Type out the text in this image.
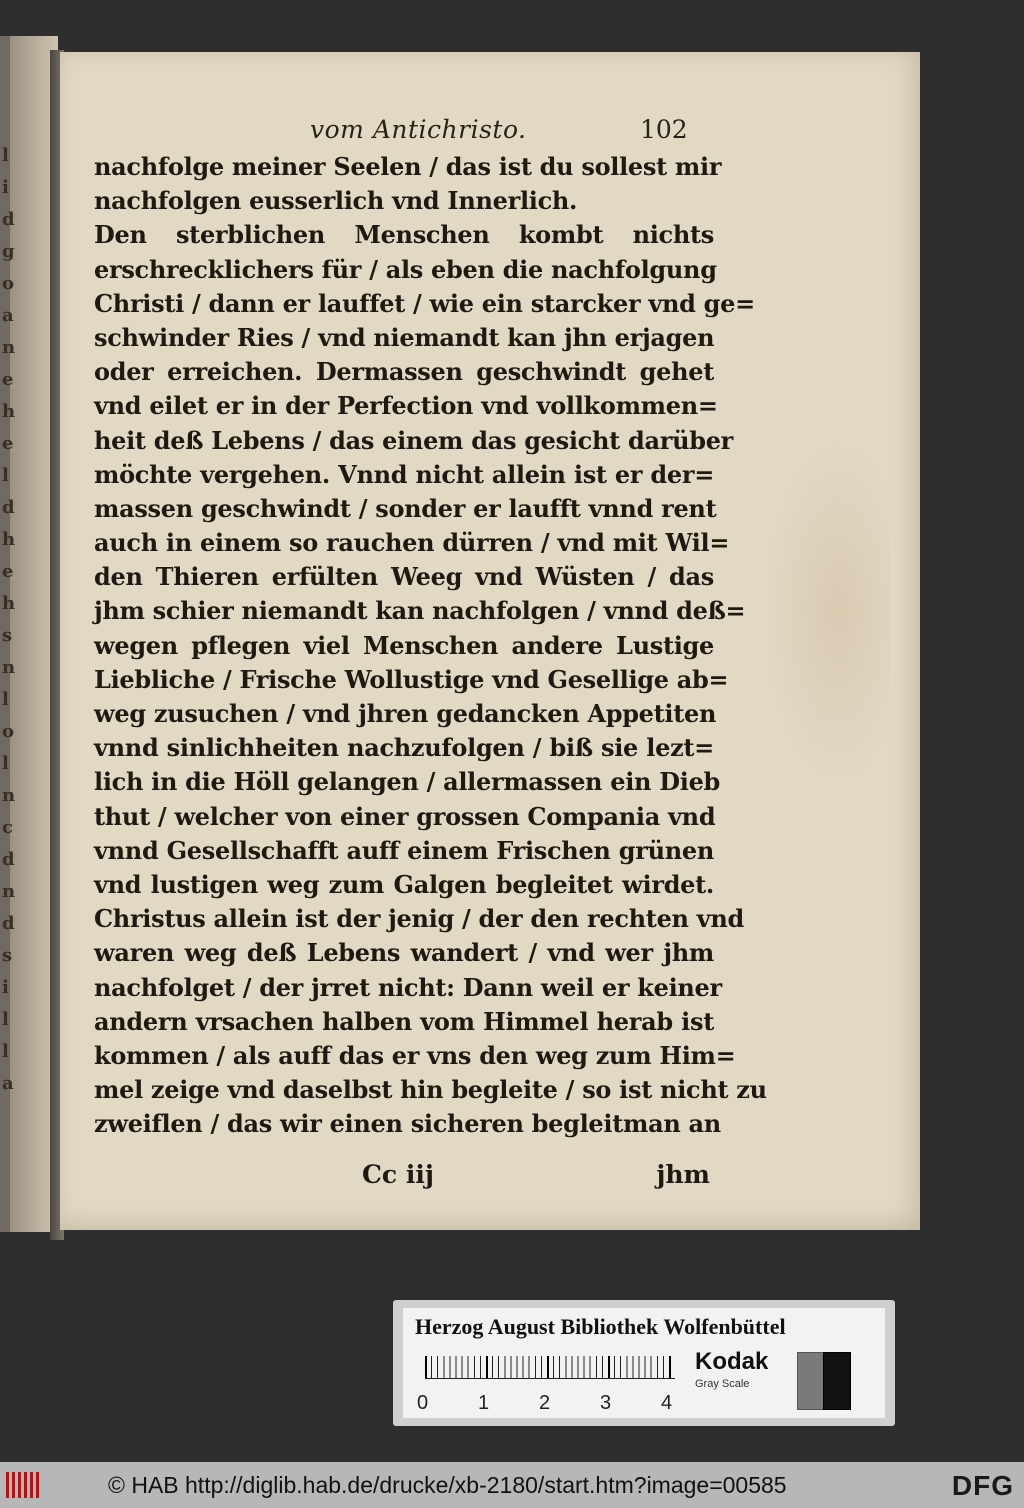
l
i
d
g
o
a
n
e
h
e
l
d
h
e
h
s
n
l
o
l
n
c
d
n
d
s
i
l
l
a
vom Antichristo.	102
nachfolge meiner Seelen / das ist du sollest mir
nachfolgen eusserlich vnd Innerlich.
Den sterblichen Menschen kombt nichts
erschrecklichers für / als eben die nachfolgung
Christi / dann er lauffet / wie ein starcker vnd ge=
schwinder Ries / vnd niemandt kan jhn erjagen
oder erreichen. Dermassen geschwindt gehet
vnd eilet er in der Perfection vnd vollkommen=
heit deß Lebens / das einem das gesicht darüber
möchte vergehen. Vnnd nicht allein ist er der=
massen geschwindt / sonder er laufft vnnd rent
auch in einem so rauchen dürren / vnd mit Wil=
den Thieren erfülten Weeg vnd Wüsten / das
jhm schier niemandt kan nachfolgen / vnnd deß=
wegen pflegen viel Menschen andere Lustige
Liebliche / Frische Wollustige vnd Gesellige ab=
weg zusuchen / vnd jhren gedancken Appetiten
vnnd sinlichheiten nachzufolgen / biß sie lezt=
lich in die Höll gelangen / allermassen ein Dieb
thut / welcher von einer grossen Compania vnd
vnnd Gesellschafft auff einem Frischen grünen
vnd lustigen weg zum Galgen begleitet wirdet.
Christus allein ist der jenig / der den rechten vnd
waren weg deß Lebens wandert / vnd wer jhm
nachfolget / der jrret nicht: Dann weil er keiner
andern vrsachen halben vom Himmel herab ist
kommen / als auff das er vns den weg zum Him=
mel zeige vnd daselbst hin begleite / so ist nicht zu
zweiflen / das wir einen sicheren begleitman an
Cc iij	jhm
Herzog August Bibliothek Wolfenbüttel
0 1 2 3 4
Kodak
Gray Scale
© HAB http://diglib.hab.de/drucke/xb-2180/start.htm?image=00585	DFG
